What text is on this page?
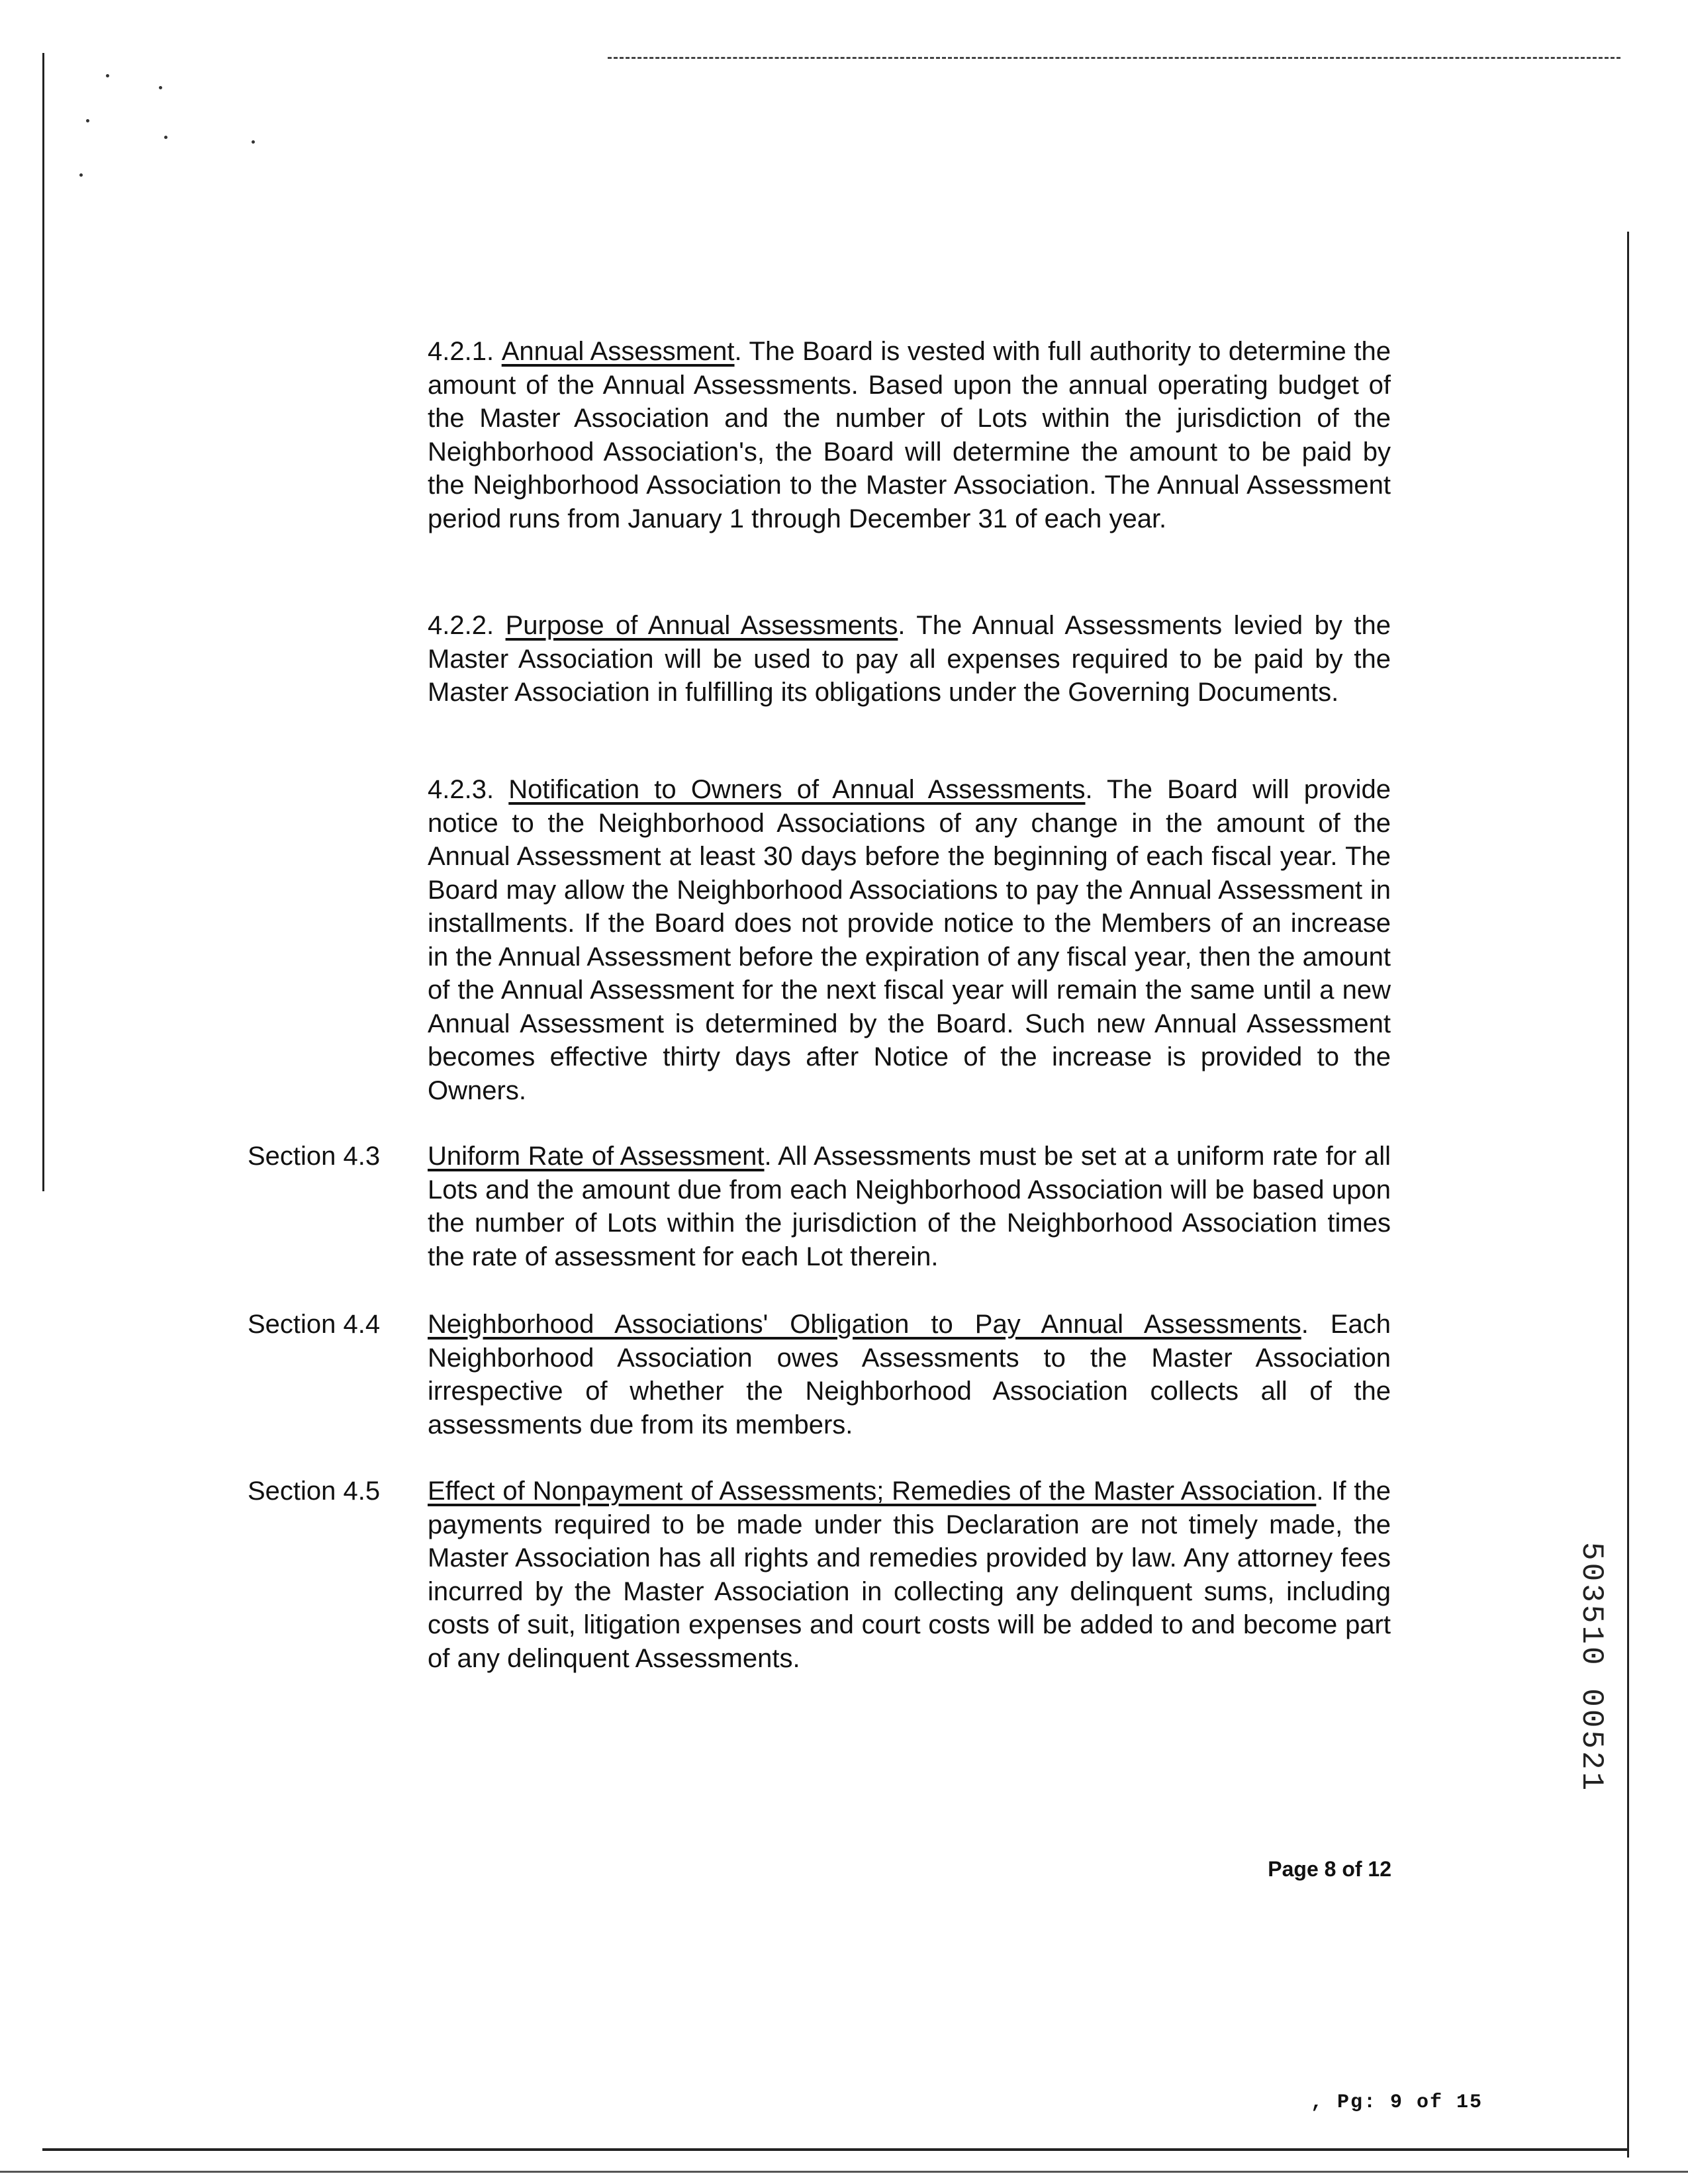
4.2.1. Annual Assessment. The Board is vested with full authority to determine the amount of the Annual Assessments. Based upon the annual operating budget of the Master Association and the number of Lots within the jurisdiction of the Neighborhood Association's, the Board will determine the amount to be paid by the Neighborhood Association to the Master Association. The Annual Assessment period runs from January 1 through December 31 of each year.

4.2.2. Purpose of Annual Assessments. The Annual Assessments levied by the Master Association will be used to pay all expenses required to be paid by the Master Association in fulfilling its obligations under the Governing Documents.

4.2.3. Notification to Owners of Annual Assessments. The Board will provide notice to the Neighborhood Associations of any change in the amount of the Annual Assessment at least 30 days before the beginning of each fiscal year. The Board may allow the Neighborhood Associations to pay the Annual Assessment in installments. If the Board does not provide notice to the Members of an increase in the Annual Assessment before the expiration of any fiscal year, then the amount of the Annual Assessment for the next fiscal year will remain the same until a new Annual Assessment is determined by the Board. Such new Annual Assessment becomes effective thirty days after Notice of the increase is provided to the Owners.

Section 4.3 Uniform Rate of Assessment. All Assessments must be set at a uniform rate for all Lots and the amount due from each Neighborhood Association will be based upon the number of Lots within the jurisdiction of the Neighborhood Association times the rate of assessment for each Lot therein.

Section 4.4 Neighborhood Associations' Obligation to Pay Annual Assessments. Each Neighborhood Association owes Assessments to the Master Association irrespective of whether the Neighborhood Association collects all of the assessments due from its members.

Section 4.5 Effect of Nonpayment of Assessments; Remedies of the Master Association. If the payments required to be made under this Declaration are not timely made, the Master Association has all rights and remedies provided by law. Any attorney fees incurred by the Master Association in collecting any delinquent sums, including costs of suit, litigation expenses and court costs will be added to and become part of any delinquent Assessments.

Page 8 of 12
, Pg: 9 of 15
503510 00521
